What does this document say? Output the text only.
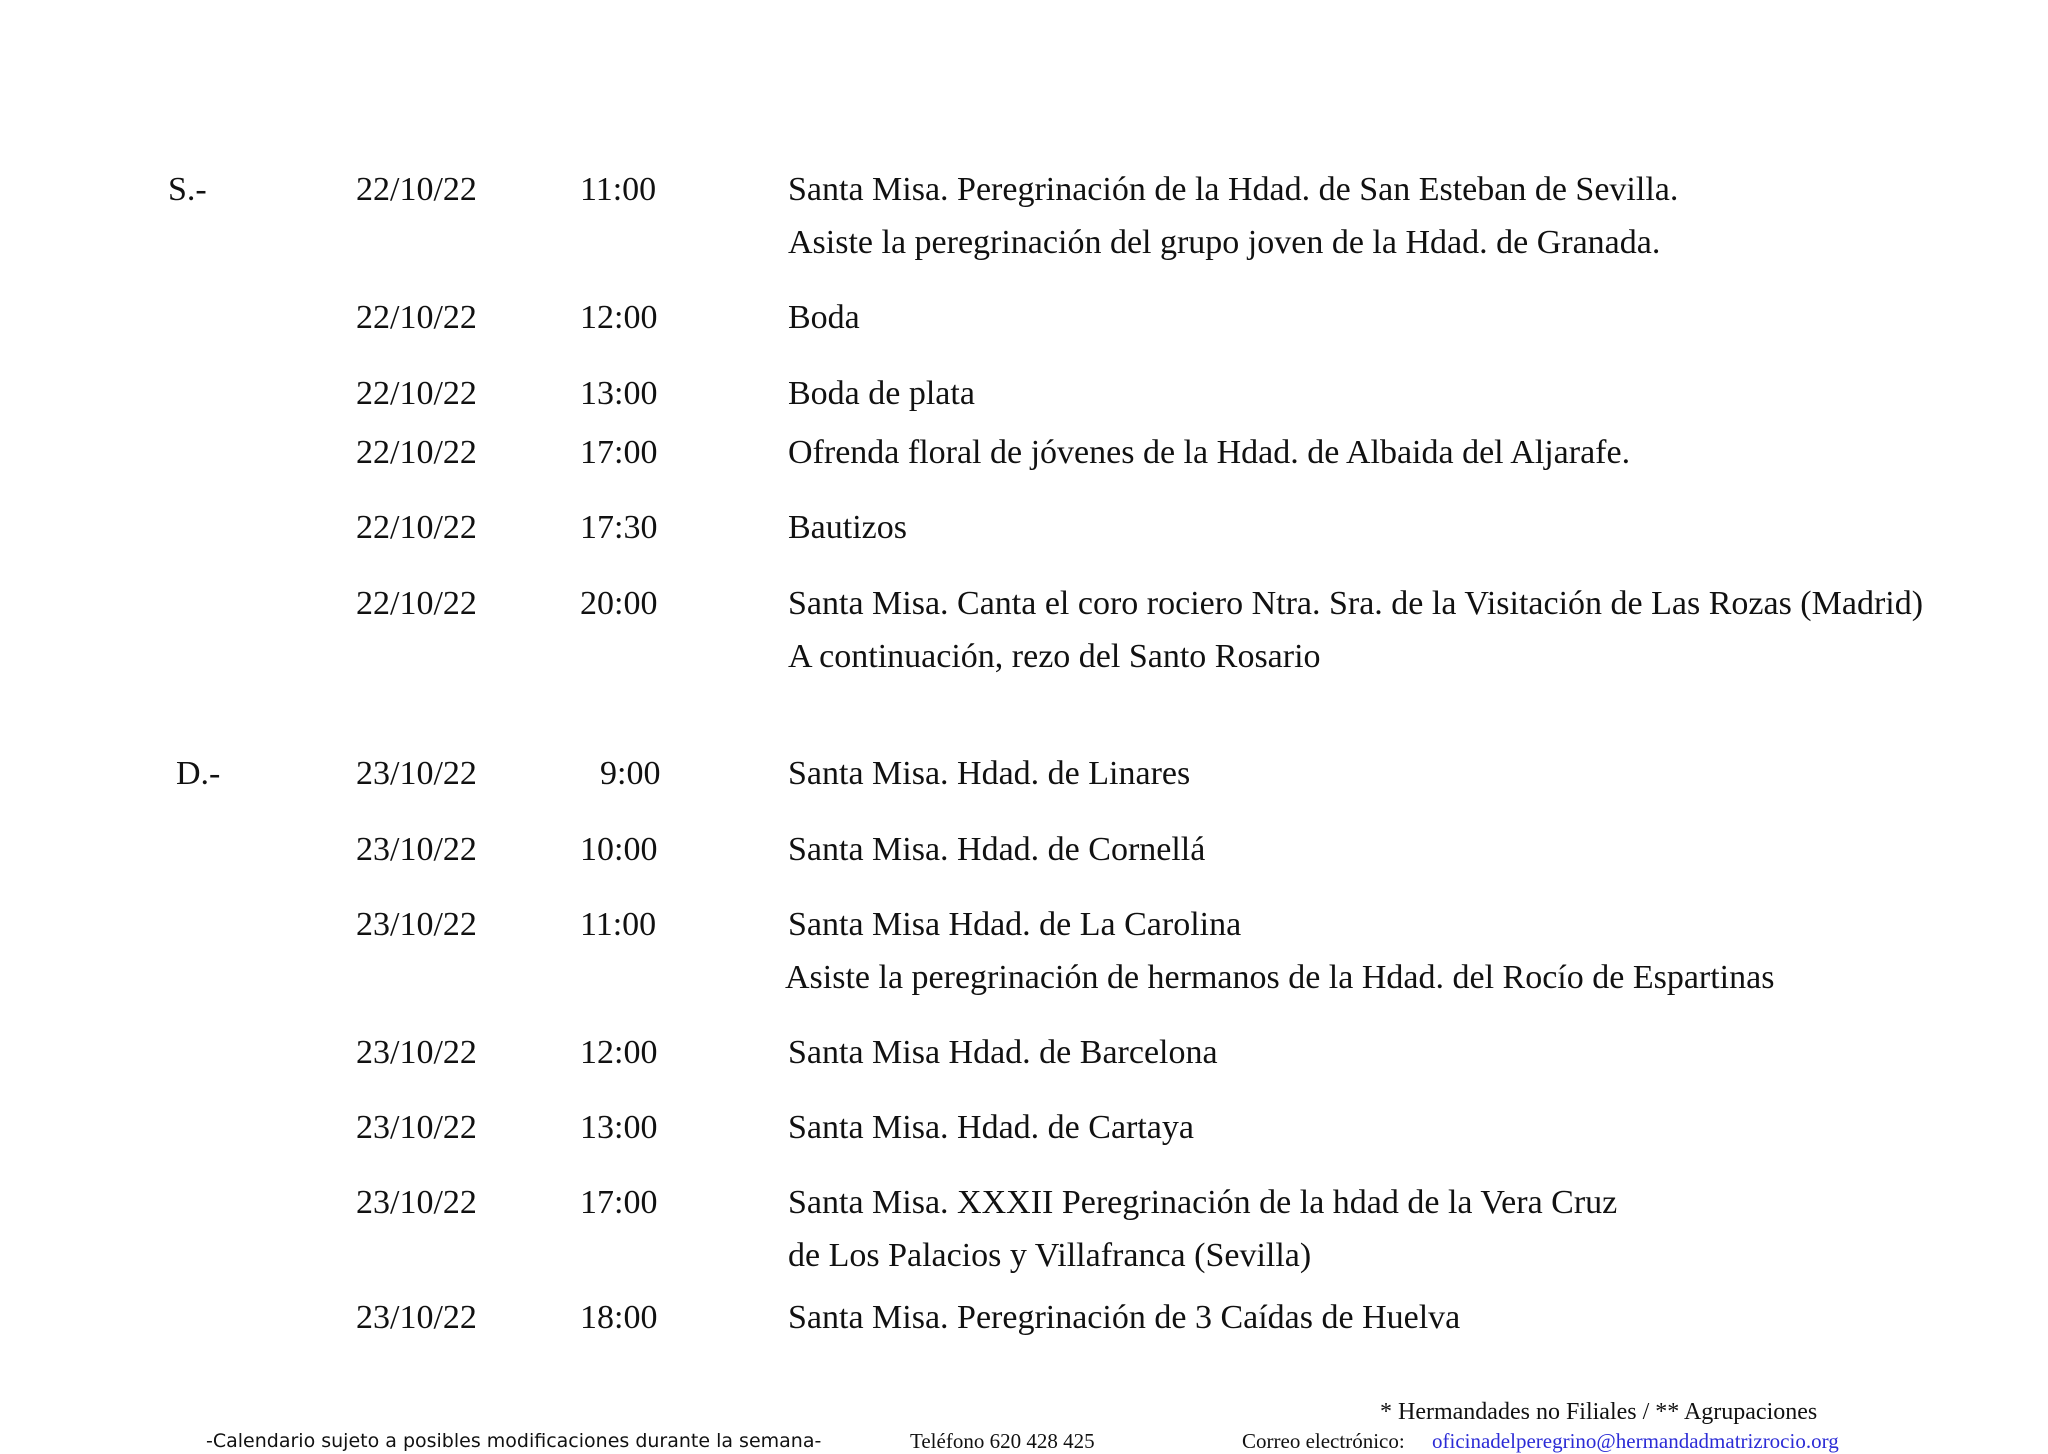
S.-	22/10/22	11:00	Santa Misa. Peregrinación de la Hdad. de San Esteban de Sevilla.
Asiste la peregrinación del grupo joven de la Hdad. de Granada.
22/10/22	12:00	Boda
22/10/22	13:00	Boda de plata
22/10/22	17:00	Ofrenda floral de jóvenes de la Hdad. de Albaida del Aljarafe.
22/10/22	17:30	Bautizos
22/10/22	20:00	Santa Misa. Canta el coro rociero Ntra. Sra. de la Visitación de Las Rozas (Madrid)
A continuación, rezo del Santo Rosario
D.-	23/10/22	9:00	Santa Misa. Hdad. de Linares
23/10/22	10:00	Santa Misa. Hdad. de Cornellá
23/10/22	11:00	Santa Misa Hdad. de La Carolina
Asiste la peregrinación de hermanos de la Hdad. del Rocío de Espartinas
23/10/22	12:00	Santa Misa Hdad. de Barcelona
23/10/22	13:00	Santa Misa. Hdad. de Cartaya
23/10/22	17:00	Santa Misa. XXXII Peregrinación de la hdad de la Vera Cruz
de Los Palacios y Villafranca (Sevilla)
23/10/22	18:00	Santa Misa. Peregrinación de 3 Caídas de Huelva
* Hermandades no Filiales / ** Agrupaciones
-Calendario sujeto a posibles modificaciones durante la semana-	Teléfono 620 428 425	Correo electrónico: oficinadelperegrino@hermandadmatrizrocio.org
